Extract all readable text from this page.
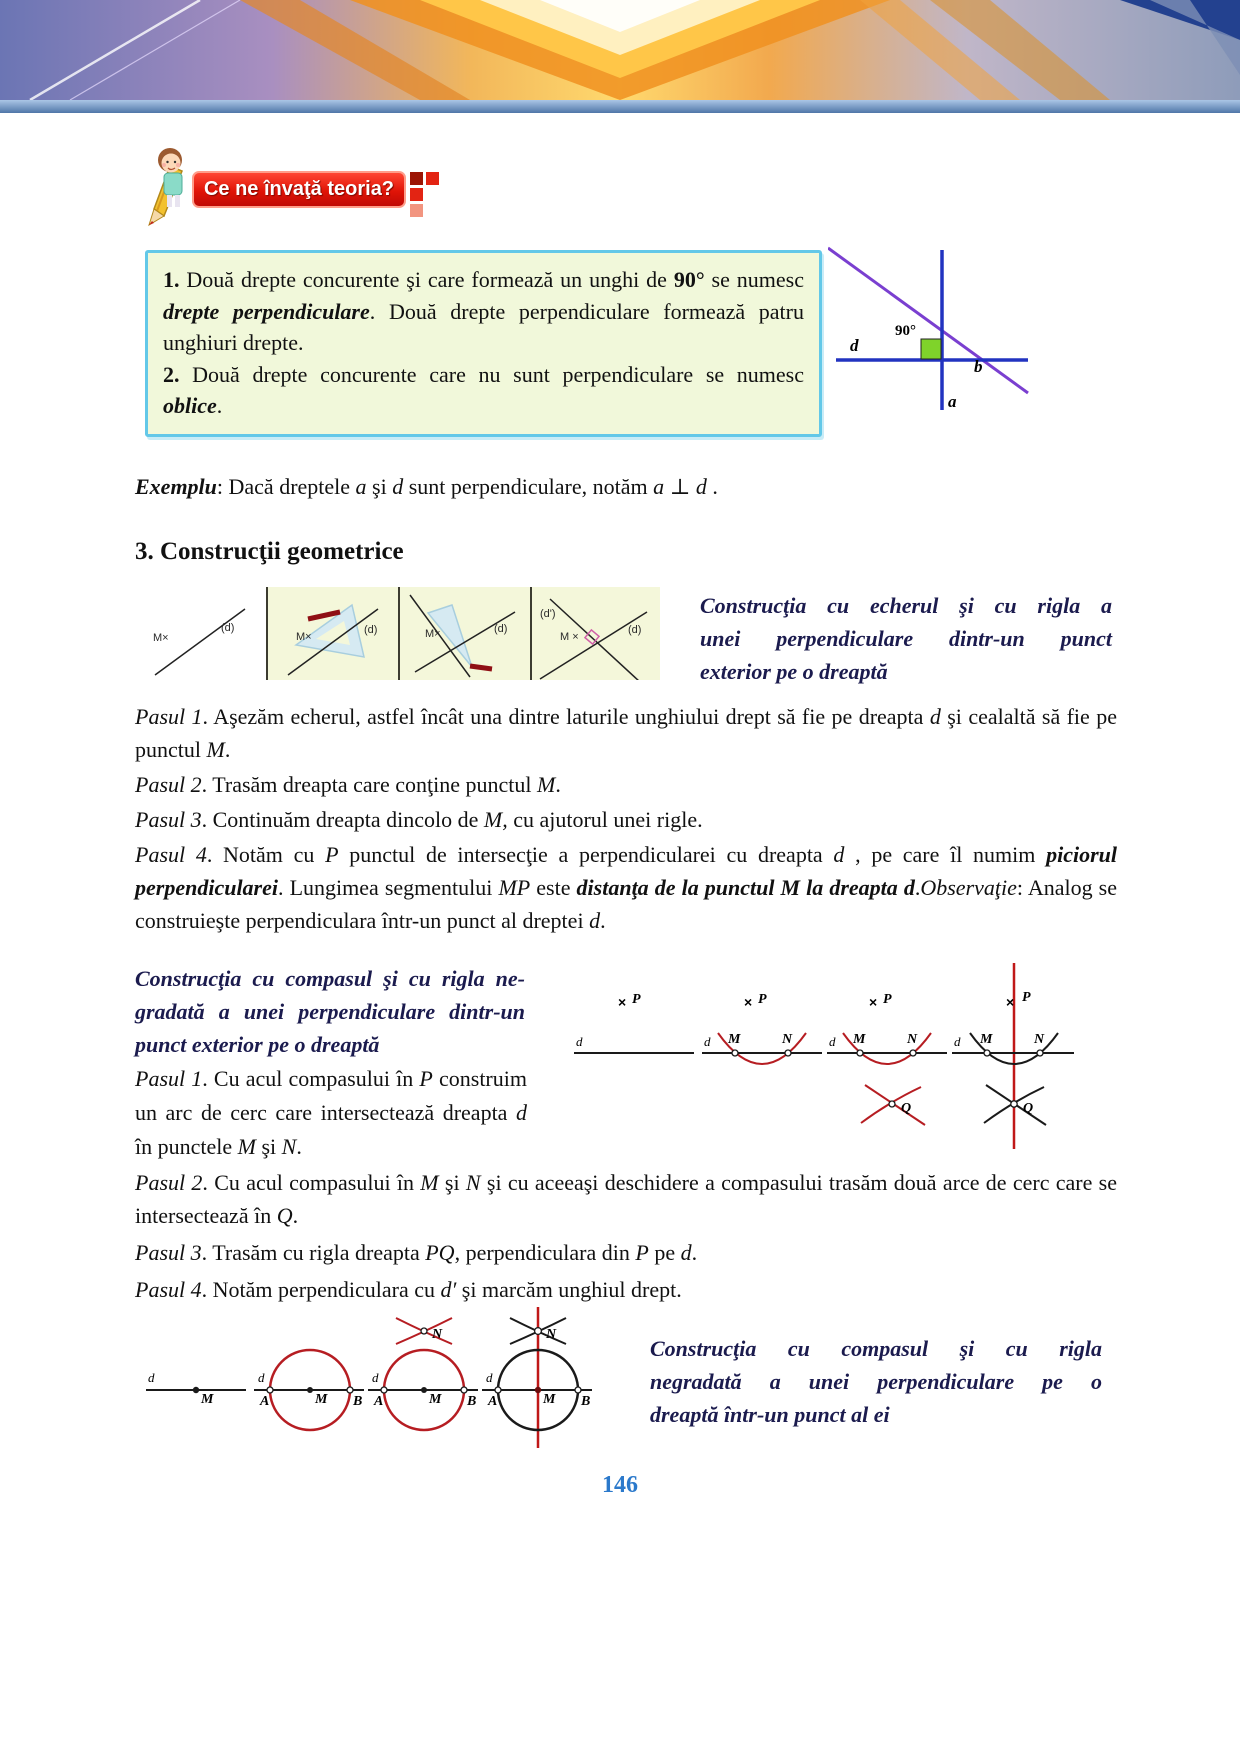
Ce ne învaţă teoria?

1. Două drepte concurente şi care formează un unghi de 90° se numesc drepte perpendiculare. Două drepte perpendiculare formează patru unghiuri drepte.

2. Două drepte concurente care nu sunt perpendiculare se numesc oblice.

90°
d
a
b
Exemplu: Dacă dreptele a şi d sunt perpendiculare, notăm a ⊥ d .
3. Construcţii geometrice
M×
(d)
M×
(d)	M×	(d)
(d')
(d)
M ×
Construcţia cu echerul şi cu rigla a
unei perpendiculare dintr-un punct
exterior pe o dreaptă

Pasul 1. Aşezăm echerul, astfel încât una dintre laturile unghiului drept să fie pe dreapta d şi cealaltă să fie pe punctul M.

Pasul 2. Trasăm dreapta care conţine punctul M.

Pasul 3. Continuăm dreapta dincolo de M, cu ajutorul unei rigle.

Pasul 4. Notăm cu P punctul de intersecţie a perpendicularei cu dreapta d , pe care îl numim piciorul perpendicularei. Lungimea segmentului MP este distanţa de la punctul M la dreapta d.Observaţie: Analog se construieşte perpendiculara într-un punct al dreptei d.

Construcţia cu compasul şi cu rigla ne-
gradată a unei perpendiculare dintr-un
punct exterior pe o dreaptă

Pasul 1. Cu acul compasului în P construim un arc de cerc care intersectează dreapta d în punctele M şi N.

× P
d
× P
M	N
d
× P
M	N
d
Q
× P
M	N
d
Q

Pasul 2. Cu acul compasului în M şi N şi cu aceeaşi deschidere a compasului trasăm două arce de cerc care se intersectează în Q.

Pasul 3. Trasăm cu rigla dreapta PQ, perpendiculara din P pe d.

Pasul 4. Notăm perpendiculara cu d′ şi marcăm unghiul drept.

d
M
d
A	M B
N
d
A	M B
N
d
A	M B
Construcţia cu compasul şi cu rigla
negradată a unei perpendiculare pe o
dreaptă într-un punct al ei
146
